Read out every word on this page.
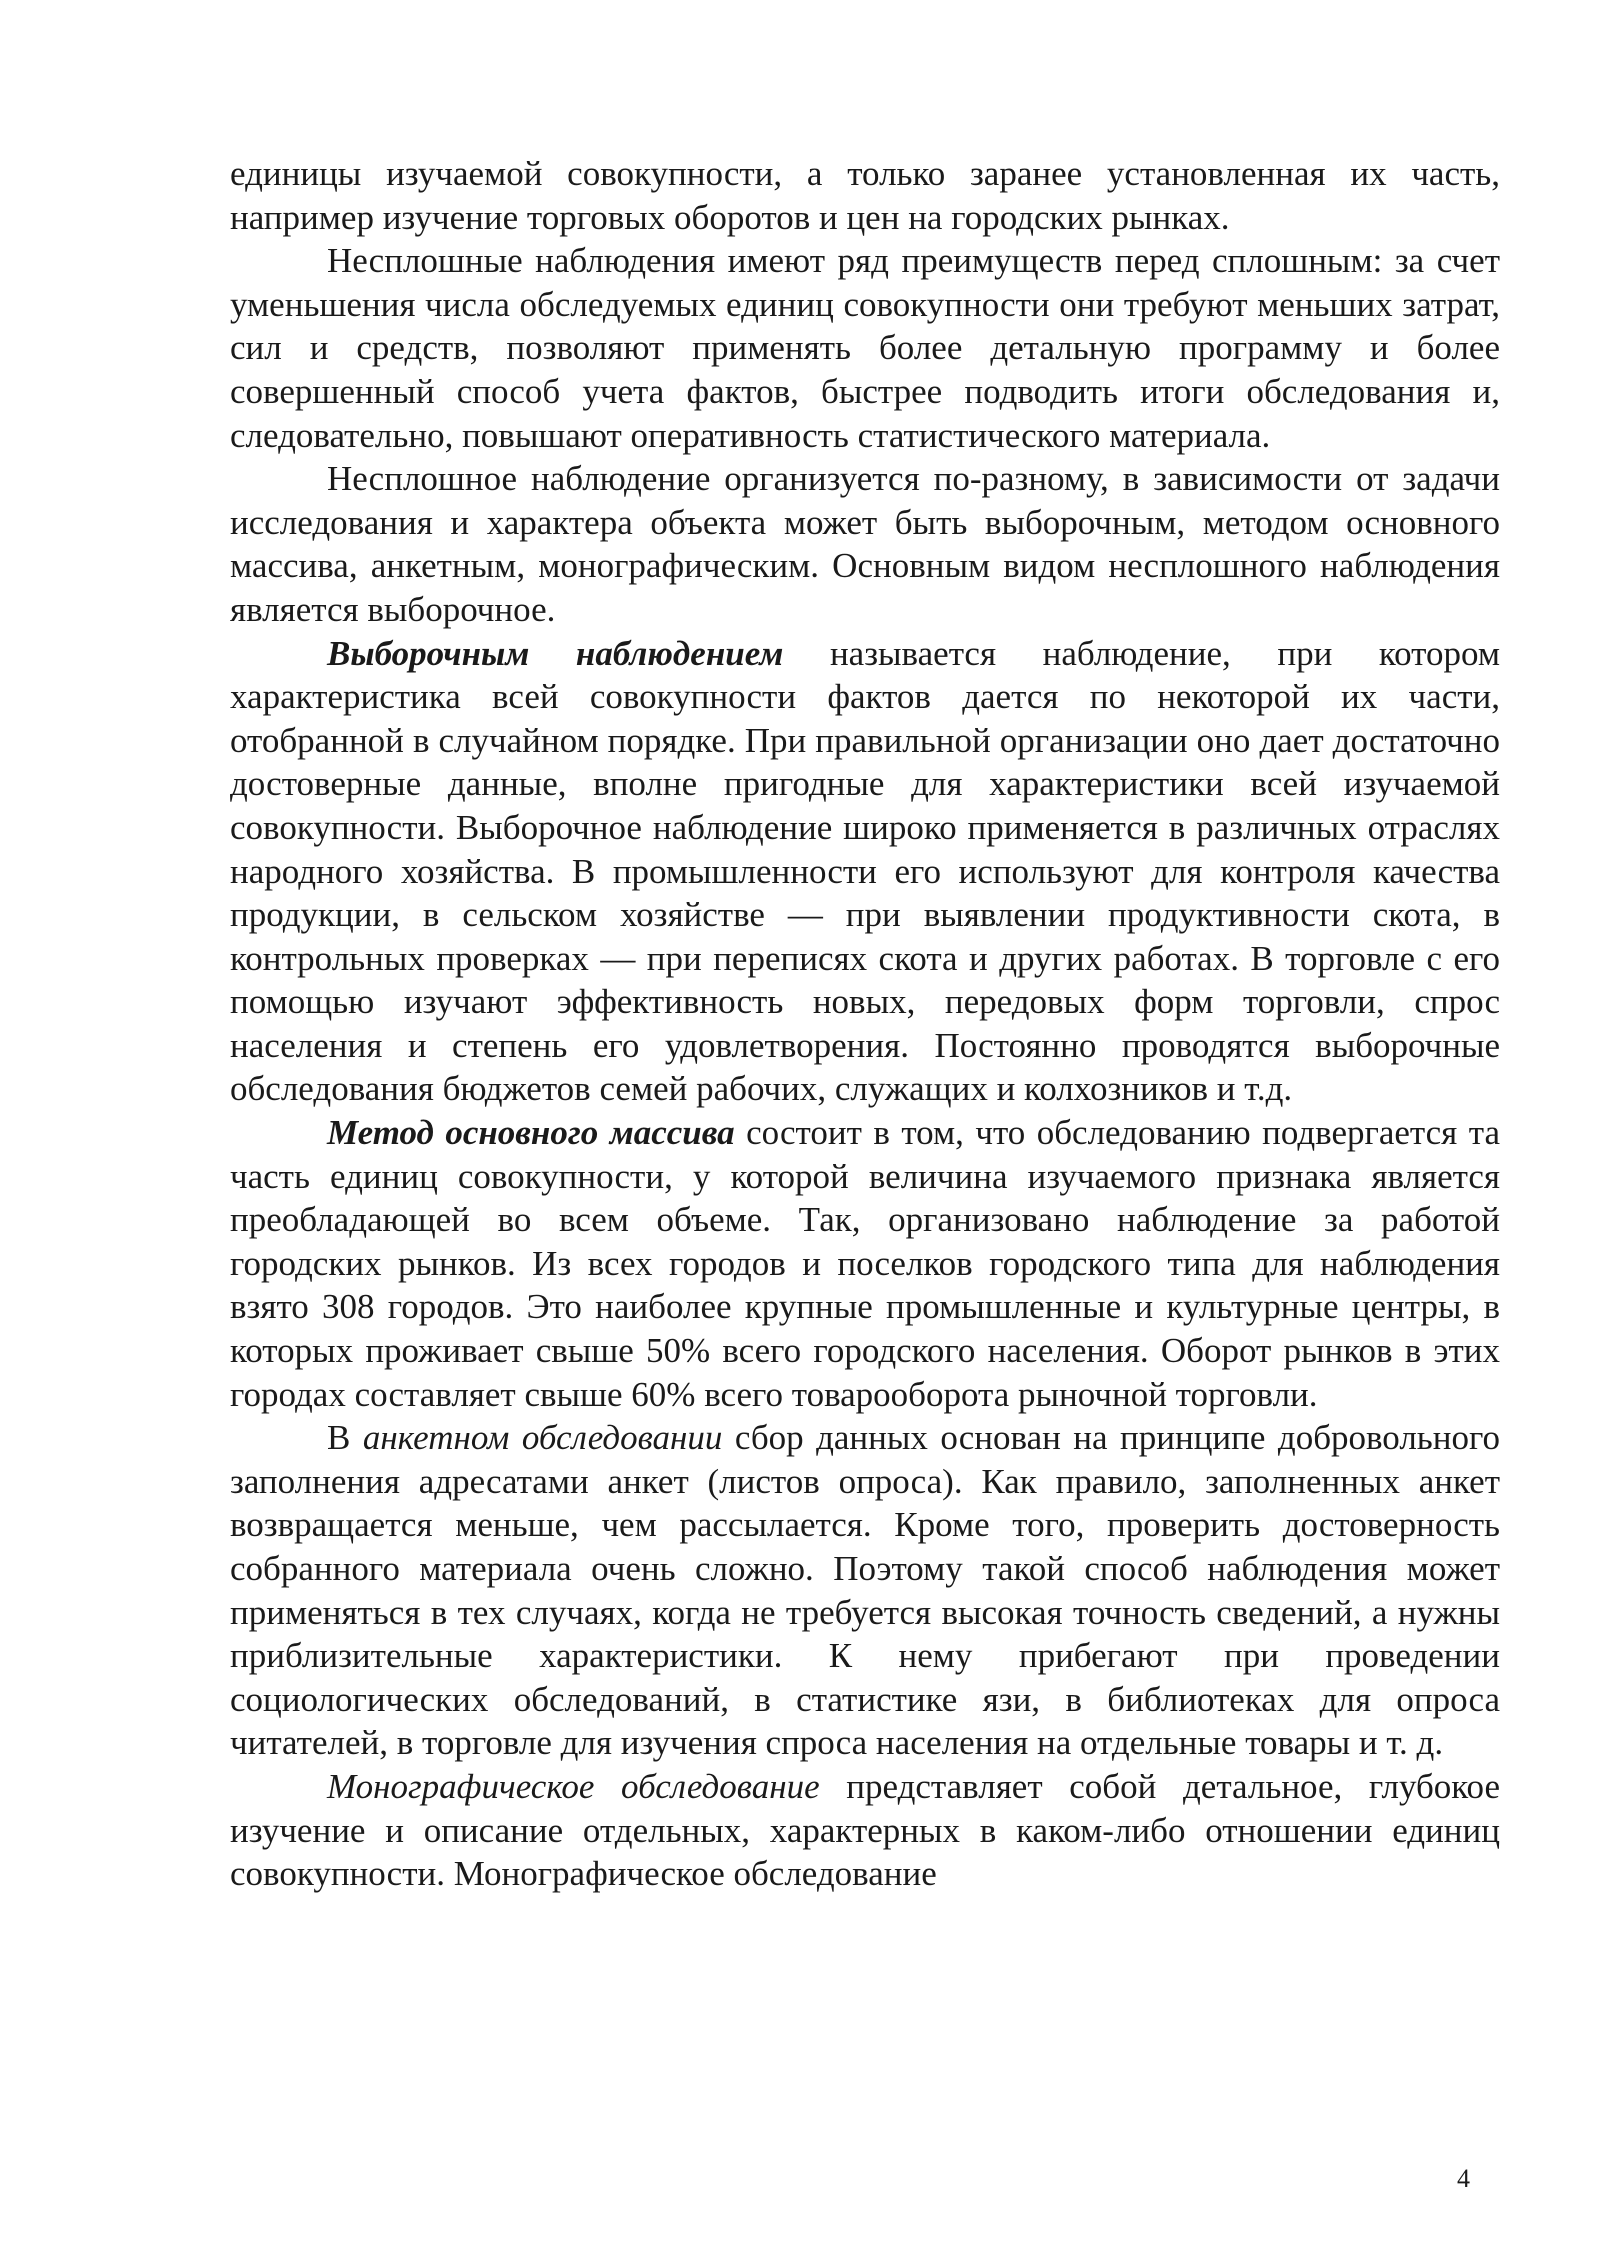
единицы изучаемой совокупности, а только заранее установленная их часть, например изучение торговых оборотов и цен на городских рынках.

Несплошные наблюдения имеют ряд преимуществ перед сплошным: за счет уменьшения числа обследуемых единиц совокупности они требуют меньших затрат, сил и средств, позволяют применять более детальную программу и более совершенный способ учета фактов, быстрее подводить итоги обследования и, следовательно, повышают оперативность статистического материала.

Несплошное наблюдение организуется по-разному, в зависимости от задачи исследования и характера объекта может быть выборочным, методом основного массива, анкетным, монографическим. Основным видом несплошного наблюдения является выборочное.

Выборочным наблюдением называется наблюдение, при котором характеристика всей совокупности фактов дается по некоторой их части, отобранной в случайном порядке. При правильной организации оно дает достаточно достоверные данные, вполне пригодные для характеристики всей изучаемой совокупности. Выборочное наблюдение широко применяется в различных отраслях народного хозяйства. В промышленности его используют для контроля качества продукции, в сельском хозяйстве — при выявлении продуктивности скота, в контрольных проверках — при переписях скота и других работах. В торговле с его помощью изучают эффективность новых, передовых форм торговли, спрос населения и степень его удовлетворения. Постоянно проводятся выборочные обследования бюджетов семей рабочих, служащих и колхозников и т.д.

Метод основного массива состоит в том, что обследованию подвергается та часть единиц совокупности, у которой величина изучаемого признака является преобладающей во всем объеме. Так, организовано наблюдение за работой городских рынков. Из всех городов и поселков городского типа для наблюдения взято 308 городов. Это наиболее крупные промышленные и культурные центры, в которых проживает свыше 50% всего городского населения. Оборот рынков в этих городах составляет свыше 60% всего товарооборота рыночной торговли.

В анкетном обследовании сбор данных основан на принципе добровольного заполнения адресатами анкет (листов опроса). Как правило, заполненных анкет возвращается меньше, чем рассылается. Кроме того, проверить достоверность собранного материала очень сложно. Поэтому такой способ наблюдения может применяться в тех случаях, когда не требуется высокая точность сведений, а нужны приблизительные характеристики. К нему прибегают при проведении социологических обследований, в статистике язи, в библиотеках для опроса читателей, в торговле для изучения спроса населения на отдельные товары и т. д.

Монографическое обследование представляет собой детальное, глубокое изучение и описание отдельных, характерных в каком-либо отношении единиц совокупности. Монографическое обследование

4
